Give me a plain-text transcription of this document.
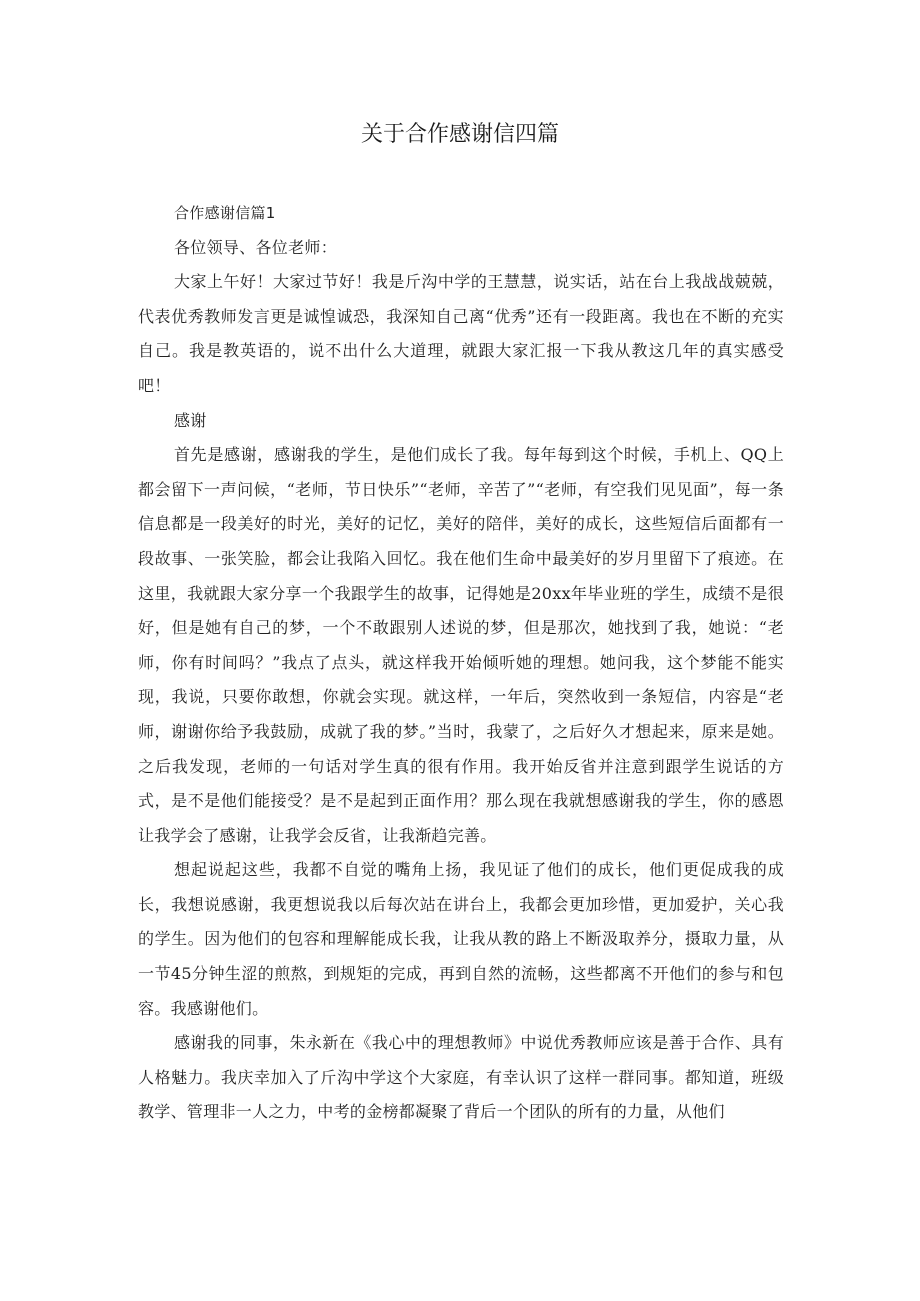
关于合作感谢信四篇

合作感谢信篇1

各位领导、各位老师：

大家上午好！大家过节好！我是斤沟中学的王慧慧，说实话，站在台上我战战兢兢，代表优秀教师发言更是诚惶诚恐，我深知自己离“优秀”还有一段距离。我也在不断的充实自己。我是教英语的，说不出什么大道理，就跟大家汇报一下我从教这几年的真实感受吧！

感谢

首先是感谢，感谢我的学生，是他们成长了我。每年每到这个时候，手机上、QQ上都会留下一声问候，“老师，节日快乐”“老师，辛苦了”“老师，有空我们见见面”，每一条信息都是一段美好的时光，美好的记忆，美好的陪伴，美好的成长，这些短信后面都有一段故事、一张笑脸，都会让我陷入回忆。我在他们生命中最美好的岁月里留下了痕迹。在这里，我就跟大家分享一个我跟学生的故事，记得她是20xx年毕业班的学生，成绩不是很好，但是她有自己的梦，一个不敢跟别人述说的梦，但是那次，她找到了我，她说：“老师，你有时间吗？”我点了点头，就这样我开始倾听她的理想。她问我，这个梦能不能实现，我说，只要你敢想，你就会实现。就这样，一年后，突然收到一条短信，内容是“老师，谢谢你给予我鼓励，成就了我的梦。”当时，我蒙了，之后好久才想起来，原来是她。之后我发现，老师的一句话对学生真的很有作用。我开始反省并注意到跟学生说话的方式，是不是他们能接受？是不是起到正面作用？那么现在我就想感谢我的学生，你的感恩让我学会了感谢，让我学会反省，让我渐趋完善。

想起说起这些，我都不自觉的嘴角上扬，我见证了他们的成长，他们更促成我的成长，我想说感谢，我更想说我以后每次站在讲台上，我都会更加珍惜，更加爱护，关心我的学生。因为他们的包容和理解能成长我，让我从教的路上不断汲取养分，摄取力量，从一节45分钟生涩的煎熬，到规矩的完成，再到自然的流畅，这些都离不开他们的参与和包容。我感谢他们。

感谢我的同事，朱永新在《我心中的理想教师》中说优秀教师应该是善于合作、具有人格魅力。我庆幸加入了斤沟中学这个大家庭，有幸认识了这样一群同事。都知道，班级教学、管理非一人之力，中考的金榜都凝聚了背后一个团队的所有的力量，从他们
